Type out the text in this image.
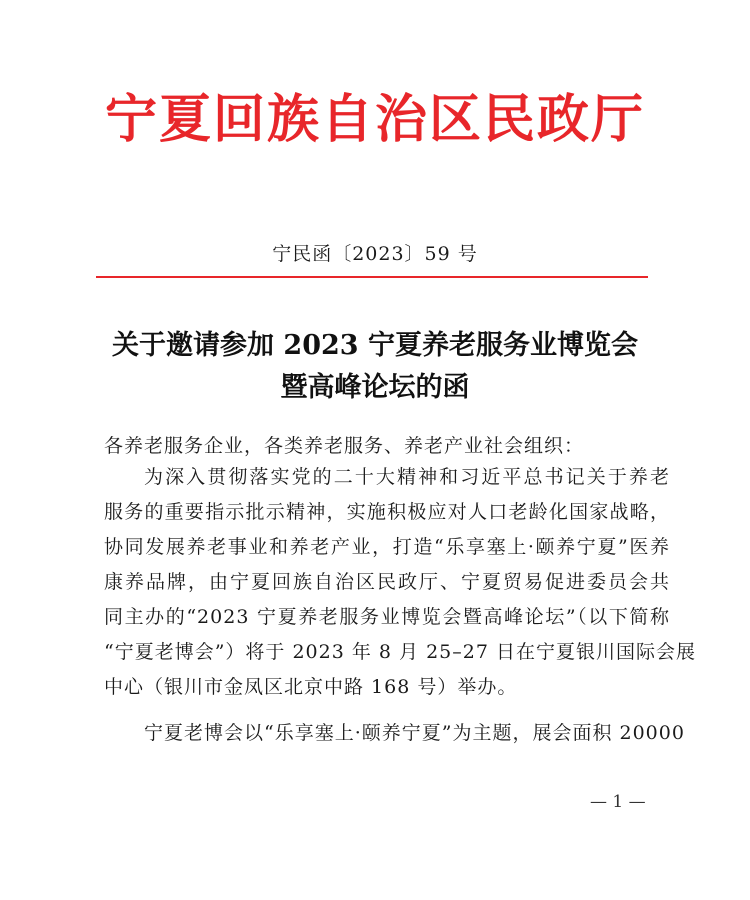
宁夏回族自治区民政厅
宁民函〔2023〕59 号
关于邀请参加 2023 宁夏养老服务业博览会
暨高峰论坛的函
各养老服务企业，各类养老服务、养老产业社会组织：
为深入贯彻落实党的二十大精神和习近平总书记关于养老
服务的重要指示批示精神，实施积极应对人口老龄化国家战略，
协同发展养老事业和养老产业，打造“乐享塞上·颐养宁夏”医养
康养品牌，由宁夏回族自治区民政厅、宁夏贸易促进委员会共
同主办的“2023 宁夏养老服务业博览会暨高峰论坛”（以下简称
“宁夏老博会”）将于 2023 年 8 月 25–27 日在宁夏银川国际会展
中心（银川市金凤区北京中路 168 号）举办。
宁夏老博会以“乐享塞上·颐养宁夏”为主题，展会面积 20000
— 1 —
